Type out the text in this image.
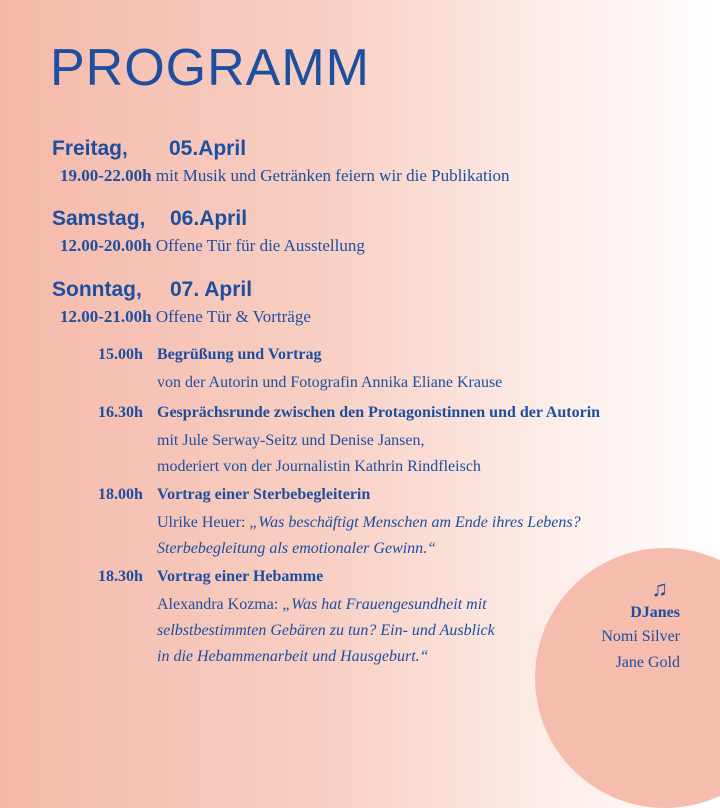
PROGRAMM
Freitag,	05.April
19.00-22.00h mit Musik und Getränken feiern wir die Publikation
Samstag,	06.April
12.00-20.00h Offene Tür für die Ausstellung
Sonntag,	07. April
12.00-21.00h Offene Tür & Vorträge
15.00h Begrüßung und Vortrag
von der Autorin und Fotografin Annika Eliane Krause
16.30h Gesprächsrunde zwischen den Protagonistinnen und der Autorin
mit Jule Serway-Seitz und Denise Jansen,
moderiert von der Journalistin Kathrin Rindfleisch
18.00h Vortrag einer Sterbebegleiterin
Ulrike Heuer: „Was beschäftigt Menschen am Ende ihres Lebens?
Sterbebegleitung als emotionaler Gewinn.“
18.30h Vortrag einer Hebamme
Alexandra Kozma: „Was hat Frauengesundheit mit
selbstbestimmten Gebären zu tun? Ein- und Ausblick
in die Hebammenarbeit und Hausgeburt.“
♫
DJanes
Nomi Silver
Jane Gold
